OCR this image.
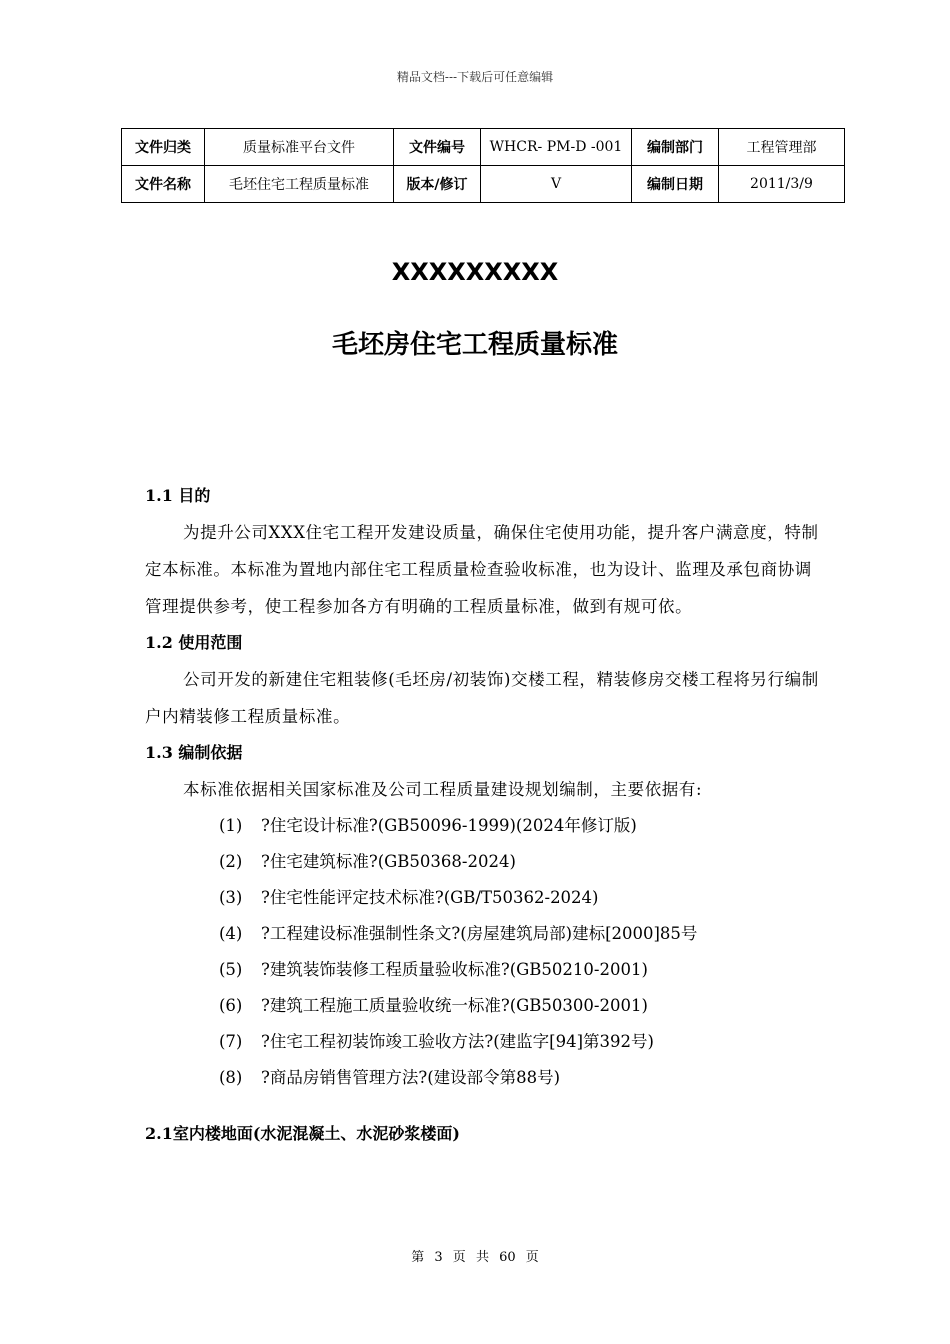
精品文档---下载后可任意编辑
文件归类	质量标准平台文件	文件编号	WHCR- PM-D -001	编制部门	工程管理部
文件名称	毛坯住宅工程质量标准	版本/修订	V	编制日期	2011/3/9
XXXXXXXXX
毛坯房住宅工程质量标准
1.1 目的
为提升公司XXX住宅工程开发建设质量，确保住宅使用功能，提升客户满意度，特制定本标准。本标准为置地内部住宅工程质量检查验收标准，也为设计、监理及承包商协调管理提供参考，使工程参加各方有明确的工程质量标准，做到有规可依。
1.2 使用范围
公司开发的新建住宅粗装修(毛坯房/初装饰)交楼工程，精装修房交楼工程将另行编制户内精装修工程质量标准。
1.3 编制依据
本标准依据相关国家标准及公司工程质量建设规划编制，主要依据有:
(1) ?住宅设计标准?(GB50096-1999)(2024年修订版)
(2) ?住宅建筑标准?(GB50368-2024)
(3) ?住宅性能评定技术标准?(GB/T50362-2024)
(4) ?工程建设标准强制性条文?(房屋建筑局部)建标[2000]85号
(5) ?建筑装饰装修工程质量验收标准?(GB50210-2001)
(6) ?建筑工程施工质量验收统一标准?(GB50300-2001)
(7) ?住宅工程初装饰竣工验收方法?(建监字[94]第392号)
(8) ?商品房销售管理方法?(建设部令第88号)
2.1室内楼地面(水泥混凝土、水泥砂浆楼面)
第 3 页 共 60 页
